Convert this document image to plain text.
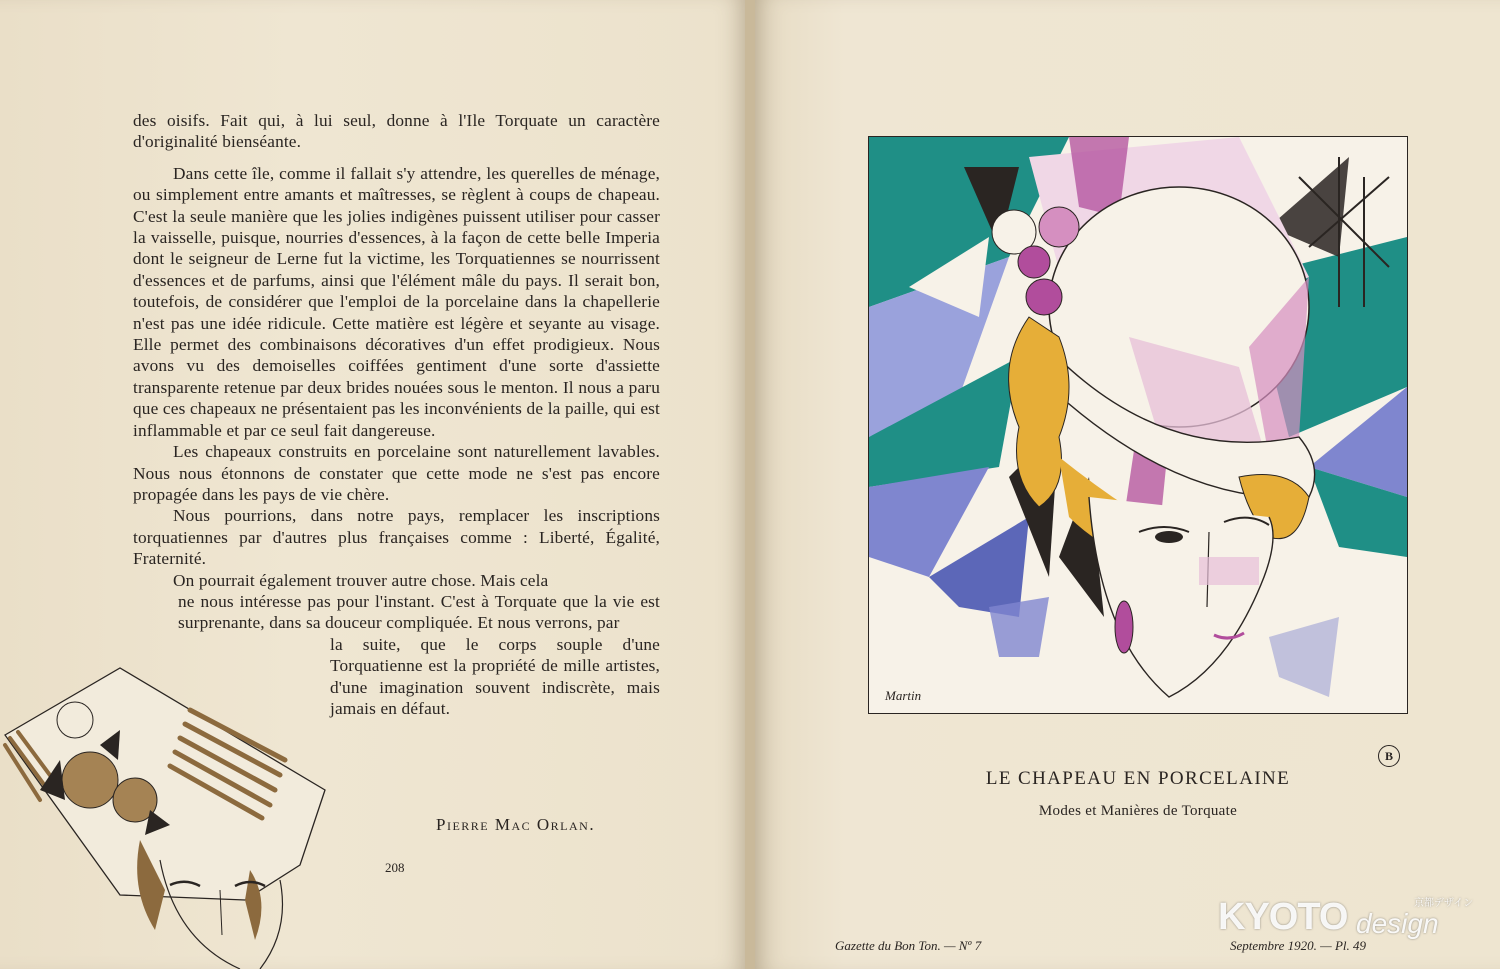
des oisifs. Fait qui, à lui seul, donne à l'Ile Torquate un caractère d'originalité bienséante.

Dans cette île, comme il fallait s'y attendre, les querelles de ménage, ou simplement entre amants et maîtresses, se règlent à coups de chapeau. C'est la seule manière que les jolies indigènes puissent utiliser pour casser la vaisselle, puisque, nourries d'essences, à la façon de cette belle Imperia dont le seigneur de Lerne fut la victime, les Torquatiennes se nourrissent d'essences et de parfums, ainsi que l'élément mâle du pays. Il serait bon, toutefois, de considérer que l'emploi de la porcelaine dans la chapellerie n'est pas une idée ridicule. Cette matière est légère et seyante au visage. Elle permet des combinaisons décoratives d'un effet prodigieux. Nous avons vu des demoiselles coiffées gentiment d'une sorte d'assiette transparente retenue par deux brides nouées sous le menton. Il nous a paru que ces chapeaux ne présentaient pas les inconvénients de la paille, qui est inflammable et par ce seul fait dangereuse.

Les chapeaux construits en porcelaine sont naturellement lavables. Nous nous étonnons de constater que cette mode ne s'est pas encore propagée dans les pays de vie chère.

Nous pourrions, dans notre pays, remplacer les inscriptions torquatiennes par d'autres plus françaises comme : Liberté, Égalité, Fraternité.

On pourrait également trouver autre chose. Mais cela

ne nous intéresse pas pour l'instant. C'est à Torquate que la vie est surprenante, dans sa douceur compliquée. Et nous verrons, par

la suite, que le corps souple d'une Torquatienne est la propriété de mille artistes, d'une imagination souvent indiscrète, mais jamais en défaut.

Pierre Mac Orlan.
208
Martin
B
LE CHAPEAU EN PORCELAINE
Modes et Manières de Torquate
Gazette du Bon Ton. — Nº 7	Septembre 1920. — Pl. 49
KYOTO design
京都デザイン
